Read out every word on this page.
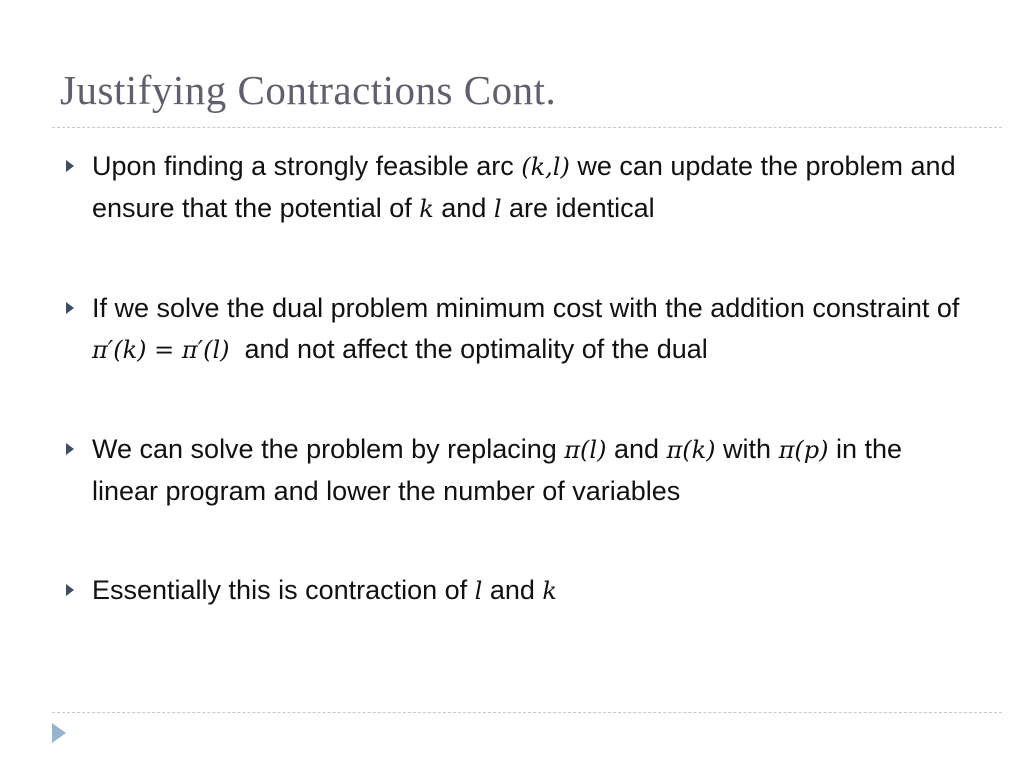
Justifying Contractions Cont.
Upon finding a strongly feasible arc (k,l) we can update the problem and ensure that the potential of k and l are identical
If we solve the dual problem minimum cost with the addition constraint of π′(k) = π′(l)  and not affect the optimality of the dual
We can solve the problem by replacing π(l) and π(k) with π(p) in the linear program and lower the number of variables
Essentially this is contraction of l and k
